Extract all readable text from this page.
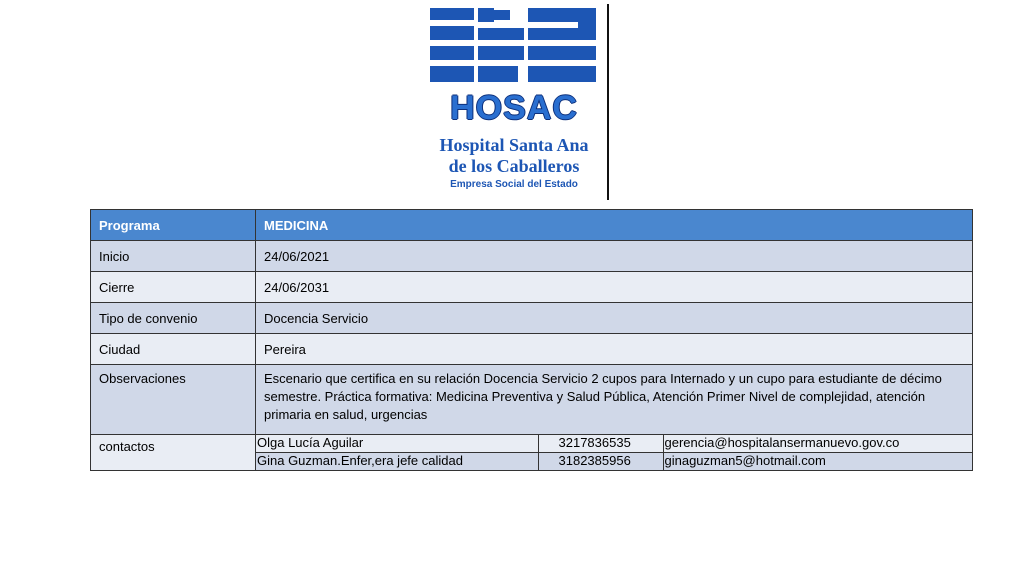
HOSAC
Hospital Santa Ana
de los Caballeros
Empresa Social del Estado
Programa	MEDICINA
Inicio	24/06/2021
Cierre	24/06/2031
Tipo de convenio	Docencia Servicio
Ciudad	Pereira
Observaciones	Escenario que certifica en su relación Docencia Servicio 2 cupos para Internado y un cupo para estudiante de décimo semestre. Práctica formativa: Medicina Preventiva y Salud Pública, Atención Primer Nivel de complejidad, atención primaria en salud, urgencias
contactos		Olga Lucía Aguilar	3217836535	gerencia@hospitalansermanuevo.gov.co
Gina Guzman.Enfer,era jefe calidad	3182385956	ginaguzman5@hotmail.com
